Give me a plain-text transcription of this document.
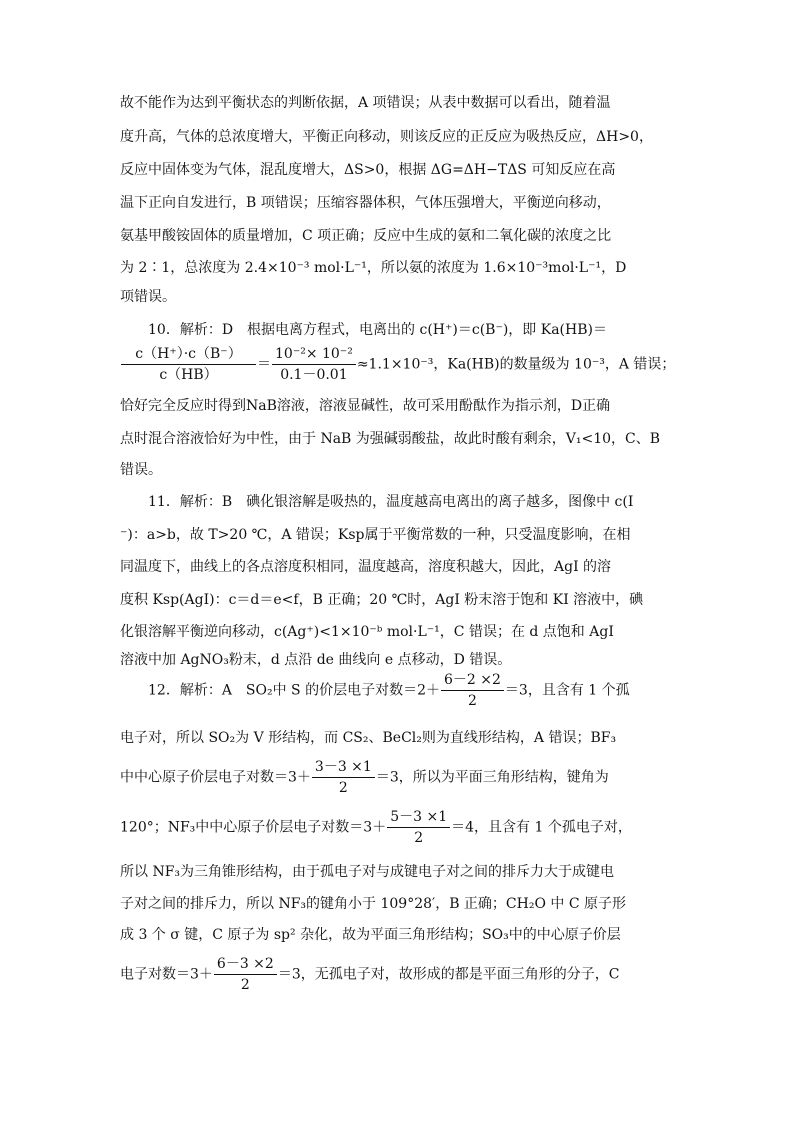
故不能作为达到平衡状态的判断依据，A 项错误；从表中数据可以看出，随着温
度升高，气体的总浓度增大，平衡正向移动，则该反应的正反应为吸热反应，ΔH>0，
反应中固体变为气体，混乱度增大，ΔS>0，根据 ΔG=ΔH−TΔS 可知反应在高
温下正向自发进行，B 项错误；压缩容器体积，气体压强增大，平衡逆向移动，
氨基甲酸铵固体的质量增加，C 项正确；反应中生成的氨和二氧化碳的浓度之比
为 2∶1，总浓度为 2.4×10⁻³ mol·L⁻¹，所以氨的浓度为 1.6×10⁻³mol·L⁻¹，D
项错误。
10．解析：D　根据电离方程式，电离出的 c(H⁺)＝c(B⁻)，即 Ka(HB)＝
$\frac{c(H^+)\cdot c(B^-)}{c(HB)} = \frac{\text{10⁻²× 10⁻²}}{0.1-0.01} \approx 1.1\times 10^{-3}$，Ka(HB)的数量级为 10⁻³，A 错误；
恰好完全反应时得到NaB溶液，溶液显碱性，故可采用酚酞作为指示剂，D正确
点时混合溶液恰好为中性，由于 NaB 为强碱弱酸盐，故此时酸有剩余，V₁<10，C、B
错误。
11．解析：B　碘化银溶解是吸热的，温度越高电离出的离子越多，图像中 c(I
⁻)：a>b，故 T>20 ℃，A 错误；Ksp属于平衡常数的一种，只受温度影响，在相
同温度下，曲线上的各点溶度积相同，温度越高，溶度积越大，因此，AgI 的溶
度积 Ksp(AgI)：c＝d＝e<f，B 正确；20 ℃时，AgI 粉末溶于饱和 KI 溶液中，碘
化银溶解平衡逆向移动，c(Ag⁺)<1×10⁻ᵇ mol·L⁻¹，C 错误；在 d 点饱和 AgI
溶液中加 AgNO₃粉末，d 点沿 de 曲线向 e 点移动，D 错误。
12．解析：A　SO₂中 S 的价层电子对数$=2+ \frac{6-2 \times 2}{2} =3$，且含有 1 个孤
电子对，所以 SO₂为 V 形结构，而 CS₂、BeCl₂则为直线形结构，A 错误；BF₃
中中心原子价层电子对数$=3+ \frac{3-3 \times 1}{2} =3$，所以为平面三角形结构，键角为
120°；NF₃中中心原子价层电子对数$=3+ \frac{5-3 \times 1}{2} =4$，且含有 1 个孤电子对，
所以 NF₃为三角锥形结构，由于孤电子对与成键电子对之间的排斥力大于成键电
子对之间的排斥力，所以 NF₃的键角小于 109°28′，B 正确；CH₂O 中 C 原子形
成 3 个 σ 键，C 原子为 sp² 杂化，故为平面三角形结构；SO₃中的中心原子价层
电子对数$=3+ \frac{6-3 \times 2}{2} =3$，无孤电子对，故形成的都是平面三角形的分子，C
